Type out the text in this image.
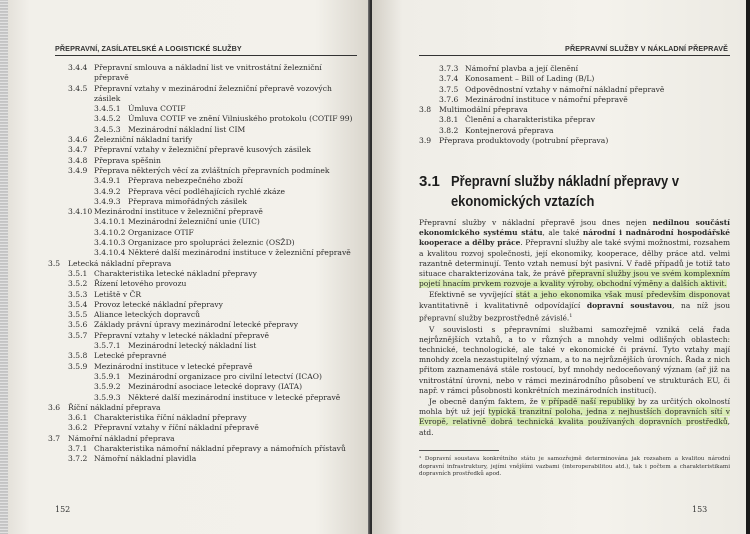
PŘEPRAVNÍ, ZASÍLATELSKÉ A LOGISTICKÉ SLUŽBY
3.4.4 Přepravní smlouva a nákladní list ve vnitrostátní železniční
přepravě
3.4.5 Přepravní vztahy v mezinárodní železniční přepravě vozových
zásilek
3.4.5.1 Úmluva COTIF
3.4.5.2 Úmluva COTIF ve znění Vilniuského protokolu (COTIF 99)
3.4.5.3 Mezinárodní nákladní list CIM
3.4.6 Železniční nákladní tarify
3.4.7 Přepravní vztahy v železniční přepravě kusových zásilek
3.4.8 Přeprava spěšnin
3.4.9 Přeprava některých věcí za zvláštních přepravních podmínek
3.4.9.1 Přeprava nebezpečného zboží
3.4.9.2 Přeprava věcí podléhajících rychlé zkáze
3.4.9.3 Přeprava mimořádných zásilek
3.4.10 Mezinárodní instituce v železniční přepravě
3.4.10.1 Mezinárodní železniční unie (UIC)
3.4.10.2 Organizace OTIF
3.4.10.3 Organizace pro spolupráci železnic (OSŽD)
3.4.10.4 Některé další mezinárodní instituce v železniční přepravě
3.5 Letecká nákladní přeprava
3.5.1 Charakteristika letecké nákladní přepravy
3.5.2 Řízení letového provozu
3.5.3 Letiště v ČR
3.5.4 Provoz letecké nákladní přepravy
3.5.5 Aliance leteckých dopravců
3.5.6 Základy právní úpravy mezinárodní letecké přepravy
3.5.7 Přepravní vztahy v letecké nákladní přepravě
3.5.7.1 Mezinárodní letecký nákladní list
3.5.8 Letecké přepravné
3.5.9 Mezinárodní instituce v letecké přepravě
3.5.9.1 Mezinárodní organizace pro civilní letectví (ICAO)
3.5.9.2 Mezinárodní asociace letecké dopravy (IATA)
3.5.9.3 Některé další mezinárodní instituce v letecké přepravě
3.6 Říční nákladní přeprava
3.6.1 Charakteristika říční nákladní přepravy
3.6.2 Přepravní vztahy v říční nákladní přepravě
3.7 Námořní nákladní přeprava
3.7.1 Charakteristika námořní nákladní přepravy a námořních přístavů
3.7.2 Námořní nákladní plavidla
152
PŘEPRAVNÍ SLUŽBY V NÁKLADNÍ PŘEPRAVĚ
3.7.3 Námořní plavba a její členění
3.7.4 Konosament – Bill of Lading (B/L)
3.7.5 Odpovědnostní vztahy v námořní nákladní přepravě
3.7.6 Mezinárodní instituce v námořní přepravě
3.8 Multimodální přeprava
3.8.1 Členění a charakteristika přeprav
3.8.2 Kontejnerová přeprava
3.9 Přeprava produktovody (potrubní přeprava)
3.1 Přepravní služby nákladní přepravy v ekonomických vztazích

Přepravní služby v nákladní přepravě jsou dnes nejen nedílnou součástí ekonomického systému státu, ale také národní i nadnárodní hospodářské kooperace a dělby práce. Přepravní služby ale také svými možnostmi, rozsahem a kvalitou rozvoj společnosti, její ekonomiky, kooperace, dělby práce atd. velmi razantně determinují. Tento vztah nemusí být pasivní. V řadě případů je totiž tato situace charakterizována tak, že právě přepravní služby jsou ve svém komplexním pojetí hnacím prvkem rozvoje a kvality výroby, obchodní výměny a dalších aktivit.

Efektivně se vyvíjející stát a jeho ekonomika však musí především disponovat kvantitativně i kvalitativně odpovídající dopravní soustavou, na níž jsou přepravní služby bezprostředně závislé.$^1$

V souvislosti s přepravními službami samozřejmě vzniká celá řada nejrůznějších vztahů, a to v různých a mnohdy velmi odlišných oblastech: technické, technologické, ale také v ekonomické či právní. Tyto vztahy mají mnohdy zcela nezastupitelný význam, a to na nejrůznějších úrovních. Řada z nich přitom zaznamenává stále rostoucí, byť mnohdy nedoceňovaný význam (ař již na vnitrostátní úrovni, nebo v rámci mezinárodního působení ve strukturách EU, či např. v rámci působnosti konkrétních mezinárodních institucí).

Je obecně daným faktem, že v případě naší republiky by za určitých okolností mohla být už její typická tranzitní poloha, jedna z nejhustších dopravních sítí v Evropě, relativně dobrá technická kvalita používaných dopravních prostředků, atd.

¹ Dopravní soustava konkrétního státu je samozřejmě determinována jak rozsahem a kvalitou národní dopravní infrastruktury, jejími vnějšími vazbami (interoperabilitou atd.), tak i počtem a charakteristikami dopravních prostředků apod.
153
